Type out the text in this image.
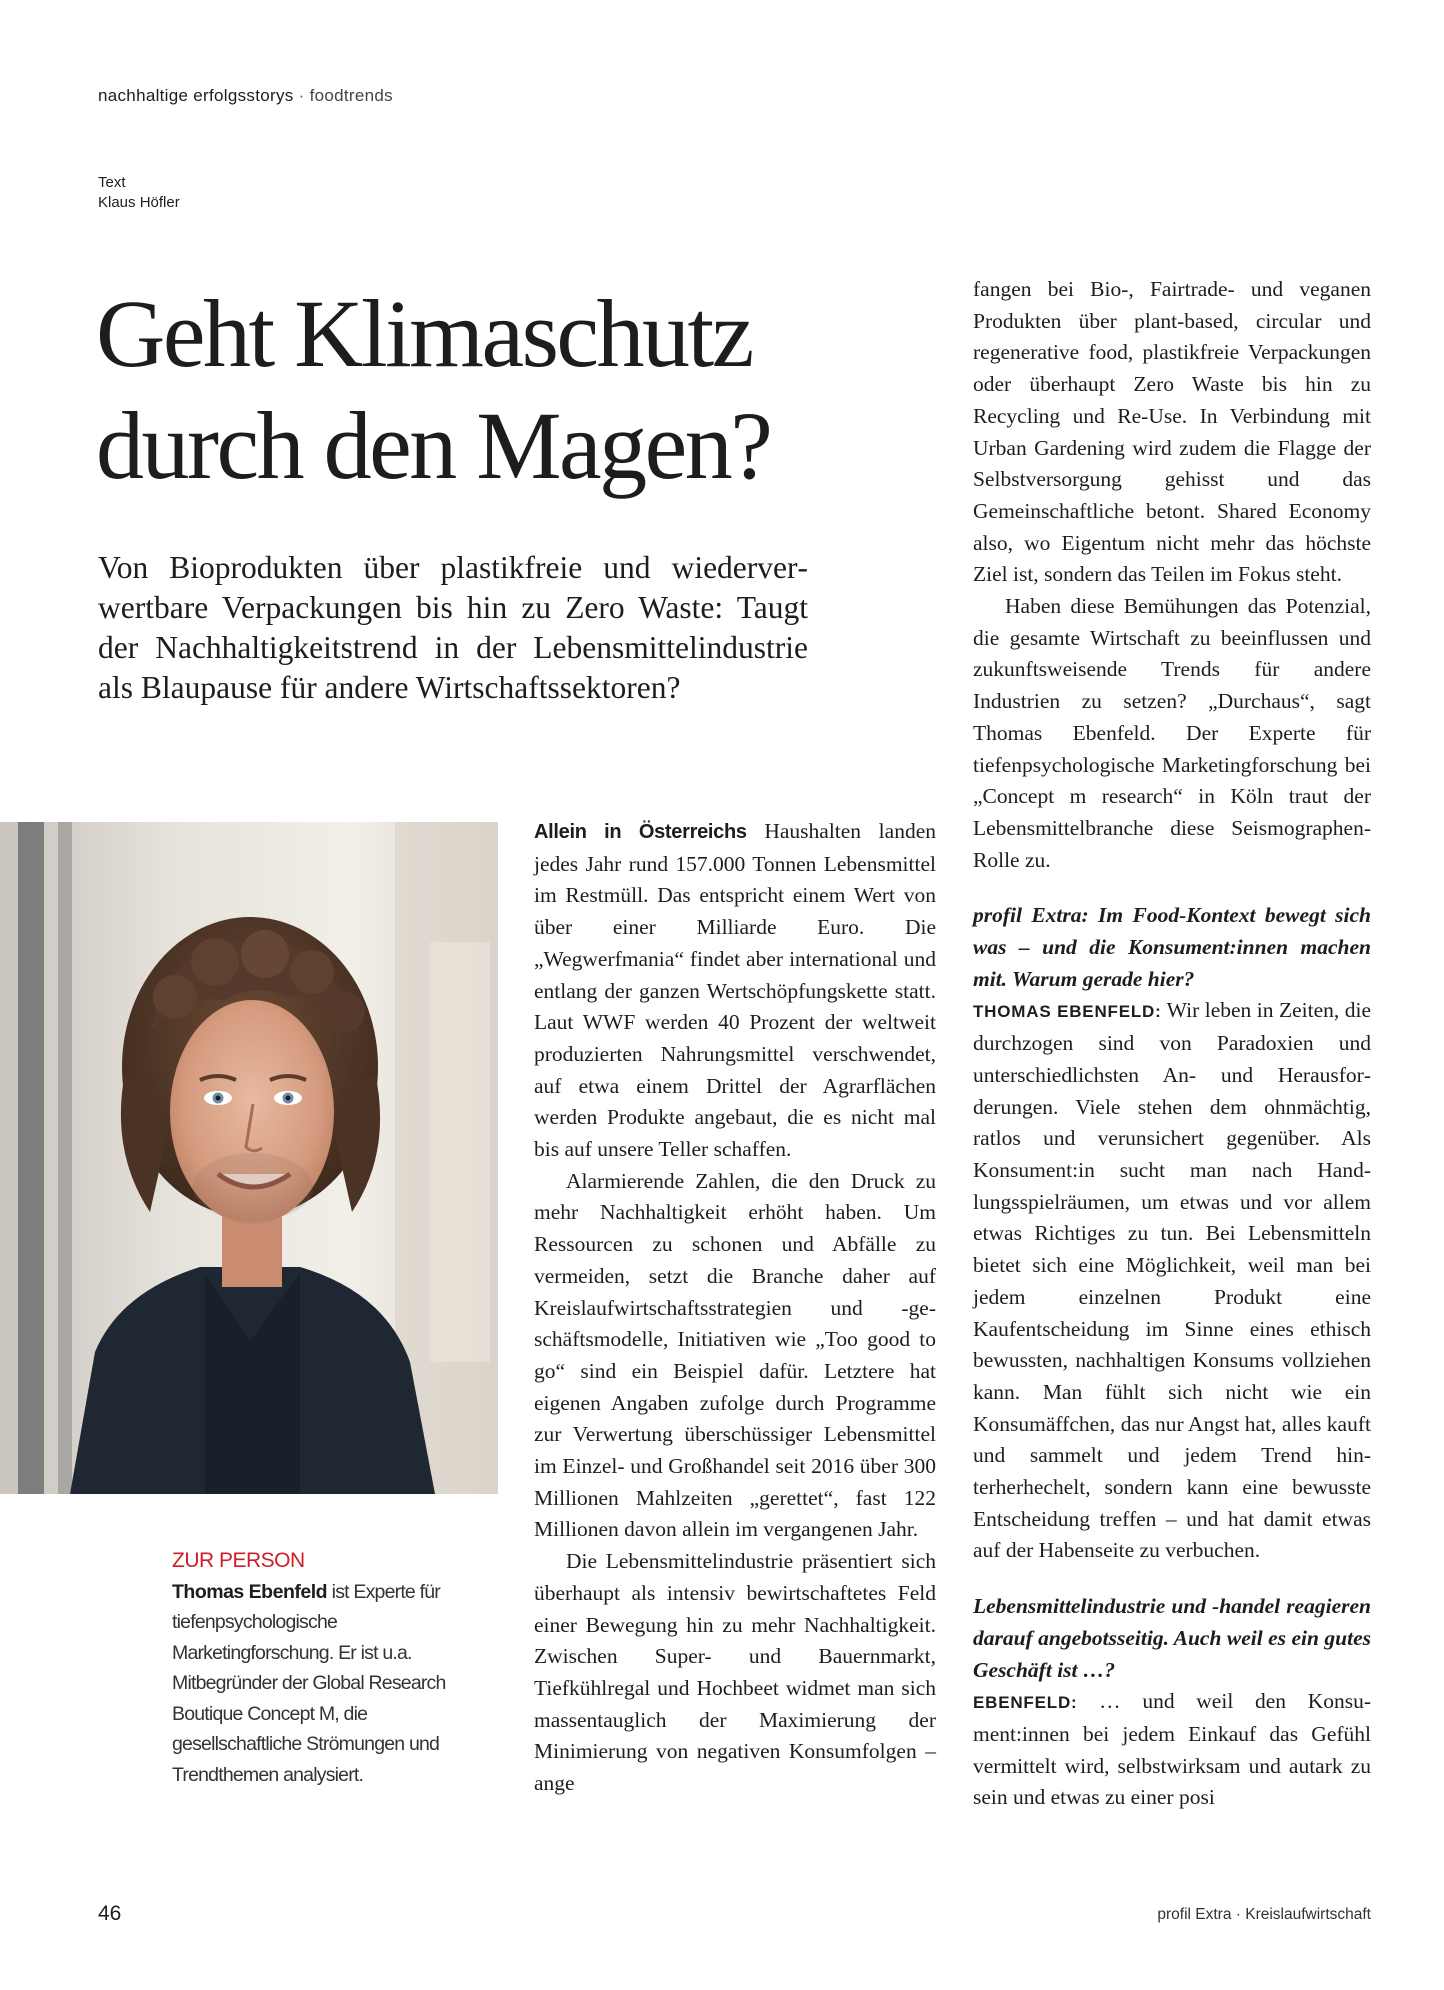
nachhaltige erfolgsstorys · foodtrends
Text
Klaus Höfler
Geht Klimaschutz
durch den Magen?

Von Bioprodukten über plastikfreie und wiederverwertbare Verpackungen bis hin zu Zero Waste: Taugt der Nachhaltigkeitstrend in der Lebensmittelindustrie als Blaupause für andere Wirtschaftssektoren?

ZUR PERSON
Thomas Ebenfeld ist Experte für tiefenpsychologische Marketingforschung. Er ist u.a. Mitbegründer der Global Research Boutique Concept M, die gesellschaftliche Strömungen und Trendthemen analysiert.

Allein in Österreichs Haushalten landen jedes Jahr rund 157.000 Tonnen Lebensmittel im Restmüll. Das entspricht einem Wert von über einer Milliarde Euro. Die „Wegwerfmania“ findet aber international und entlang der ganzen Wertschöpfungskette statt. Laut WWF werden 40 Prozent der weltweit produzierten Nahrungsmittel verschwendet, auf etwa einem Drittel der Agrarflächen werden Produkte angebaut, die es nicht mal bis auf unsere Teller schaffen.

Alarmierende Zahlen, die den Druck zu mehr Nachhaltigkeit erhöht haben. Um Ressourcen zu schonen und Abfälle zu vermeiden, setzt die Branche daher auf Kreislaufwirtschaftsstrategien und -geschäftsmodelle, Initiativen wie „Too good to go“ sind ein Beispiel dafür. Letztere hat eigenen Angaben zufolge durch Programme zur Verwertung überschüssiger Lebensmittel im Einzel- und Großhandel seit 2016 über 300 Millionen Mahlzeiten „gerettet“, fast 122 Millionen davon allein im vergangenen Jahr.

Die Lebensmittelindustrie präsentiert sich überhaupt als intensiv bewirtschaftetes Feld einer Bewegung hin zu mehr Nachhaltigkeit. Zwischen Super- und Bauernmarkt, Tiefkühlregal und Hochbeet widmet man sich massentauglich der Maximierung der Minimierung von negativen Konsumfolgen – ange

fangen bei Bio-, Fairtrade- und veganen Produkten über plant-based, circular und regenerative food, plastikfreie Verpackungen oder überhaupt Zero Waste bis hin zu Recycling und Re-Use. In Verbindung mit Urban Gardening wird zudem die Flagge der Selbstversorgung gehisst und das Gemeinschaftliche betont. Shared Economy also, wo Eigentum nicht mehr das höchste Ziel ist, sondern das Teilen im Fokus steht.

Haben diese Bemühungen das Potenzial, die gesamte Wirtschaft zu beeinflussen und zukunftsweisende Trends für andere Industrien zu setzen? „Durchaus“, sagt Thomas Ebenfeld. Der Experte für tiefenpsychologische Marketingforschung bei „Concept m research“ in Köln traut der Lebensmittelbranche diese Seismographen-Rolle zu.

profil Extra: Im Food-Kontext bewegt sich was – und die Konsument:innen machen mit. Warum gerade hier?

THOMAS EBENFELD: Wir leben in Zeiten, die durchzogen sind von Paradoxien und unterschiedlichsten An- und Herausforderungen. Viele stehen dem ohnmächtig, ratlos und verunsichert gegenüber. Als Konsument:in sucht man nach Handlungsspielräumen, um etwas und vor allem etwas Richtiges zu tun. Bei Lebensmitteln bietet sich eine Möglichkeit, weil man bei jedem einzelnen Produkt eine Kaufentscheidung im Sinne eines ethisch bewussten, nachhaltigen Konsums vollziehen kann. Man fühlt sich nicht wie ein Konsumäffchen, das nur Angst hat, alles kauft und sammelt und jedem Trend hinterherhechelt, sondern kann eine bewusste Entscheidung treffen – und hat damit etwas auf der Habenseite zu verbuchen.

Lebensmittelindustrie und -handel reagieren darauf angebotsseitig. Auch weil es ein gutes Geschäft ist …?

EBENFELD: … und weil den Konsument:innen bei jedem Einkauf das Gefühl vermittelt wird, selbstwirksam und autark zu sein und etwas zu einer posi

46	profil Extra · Kreislaufwirtschaft
